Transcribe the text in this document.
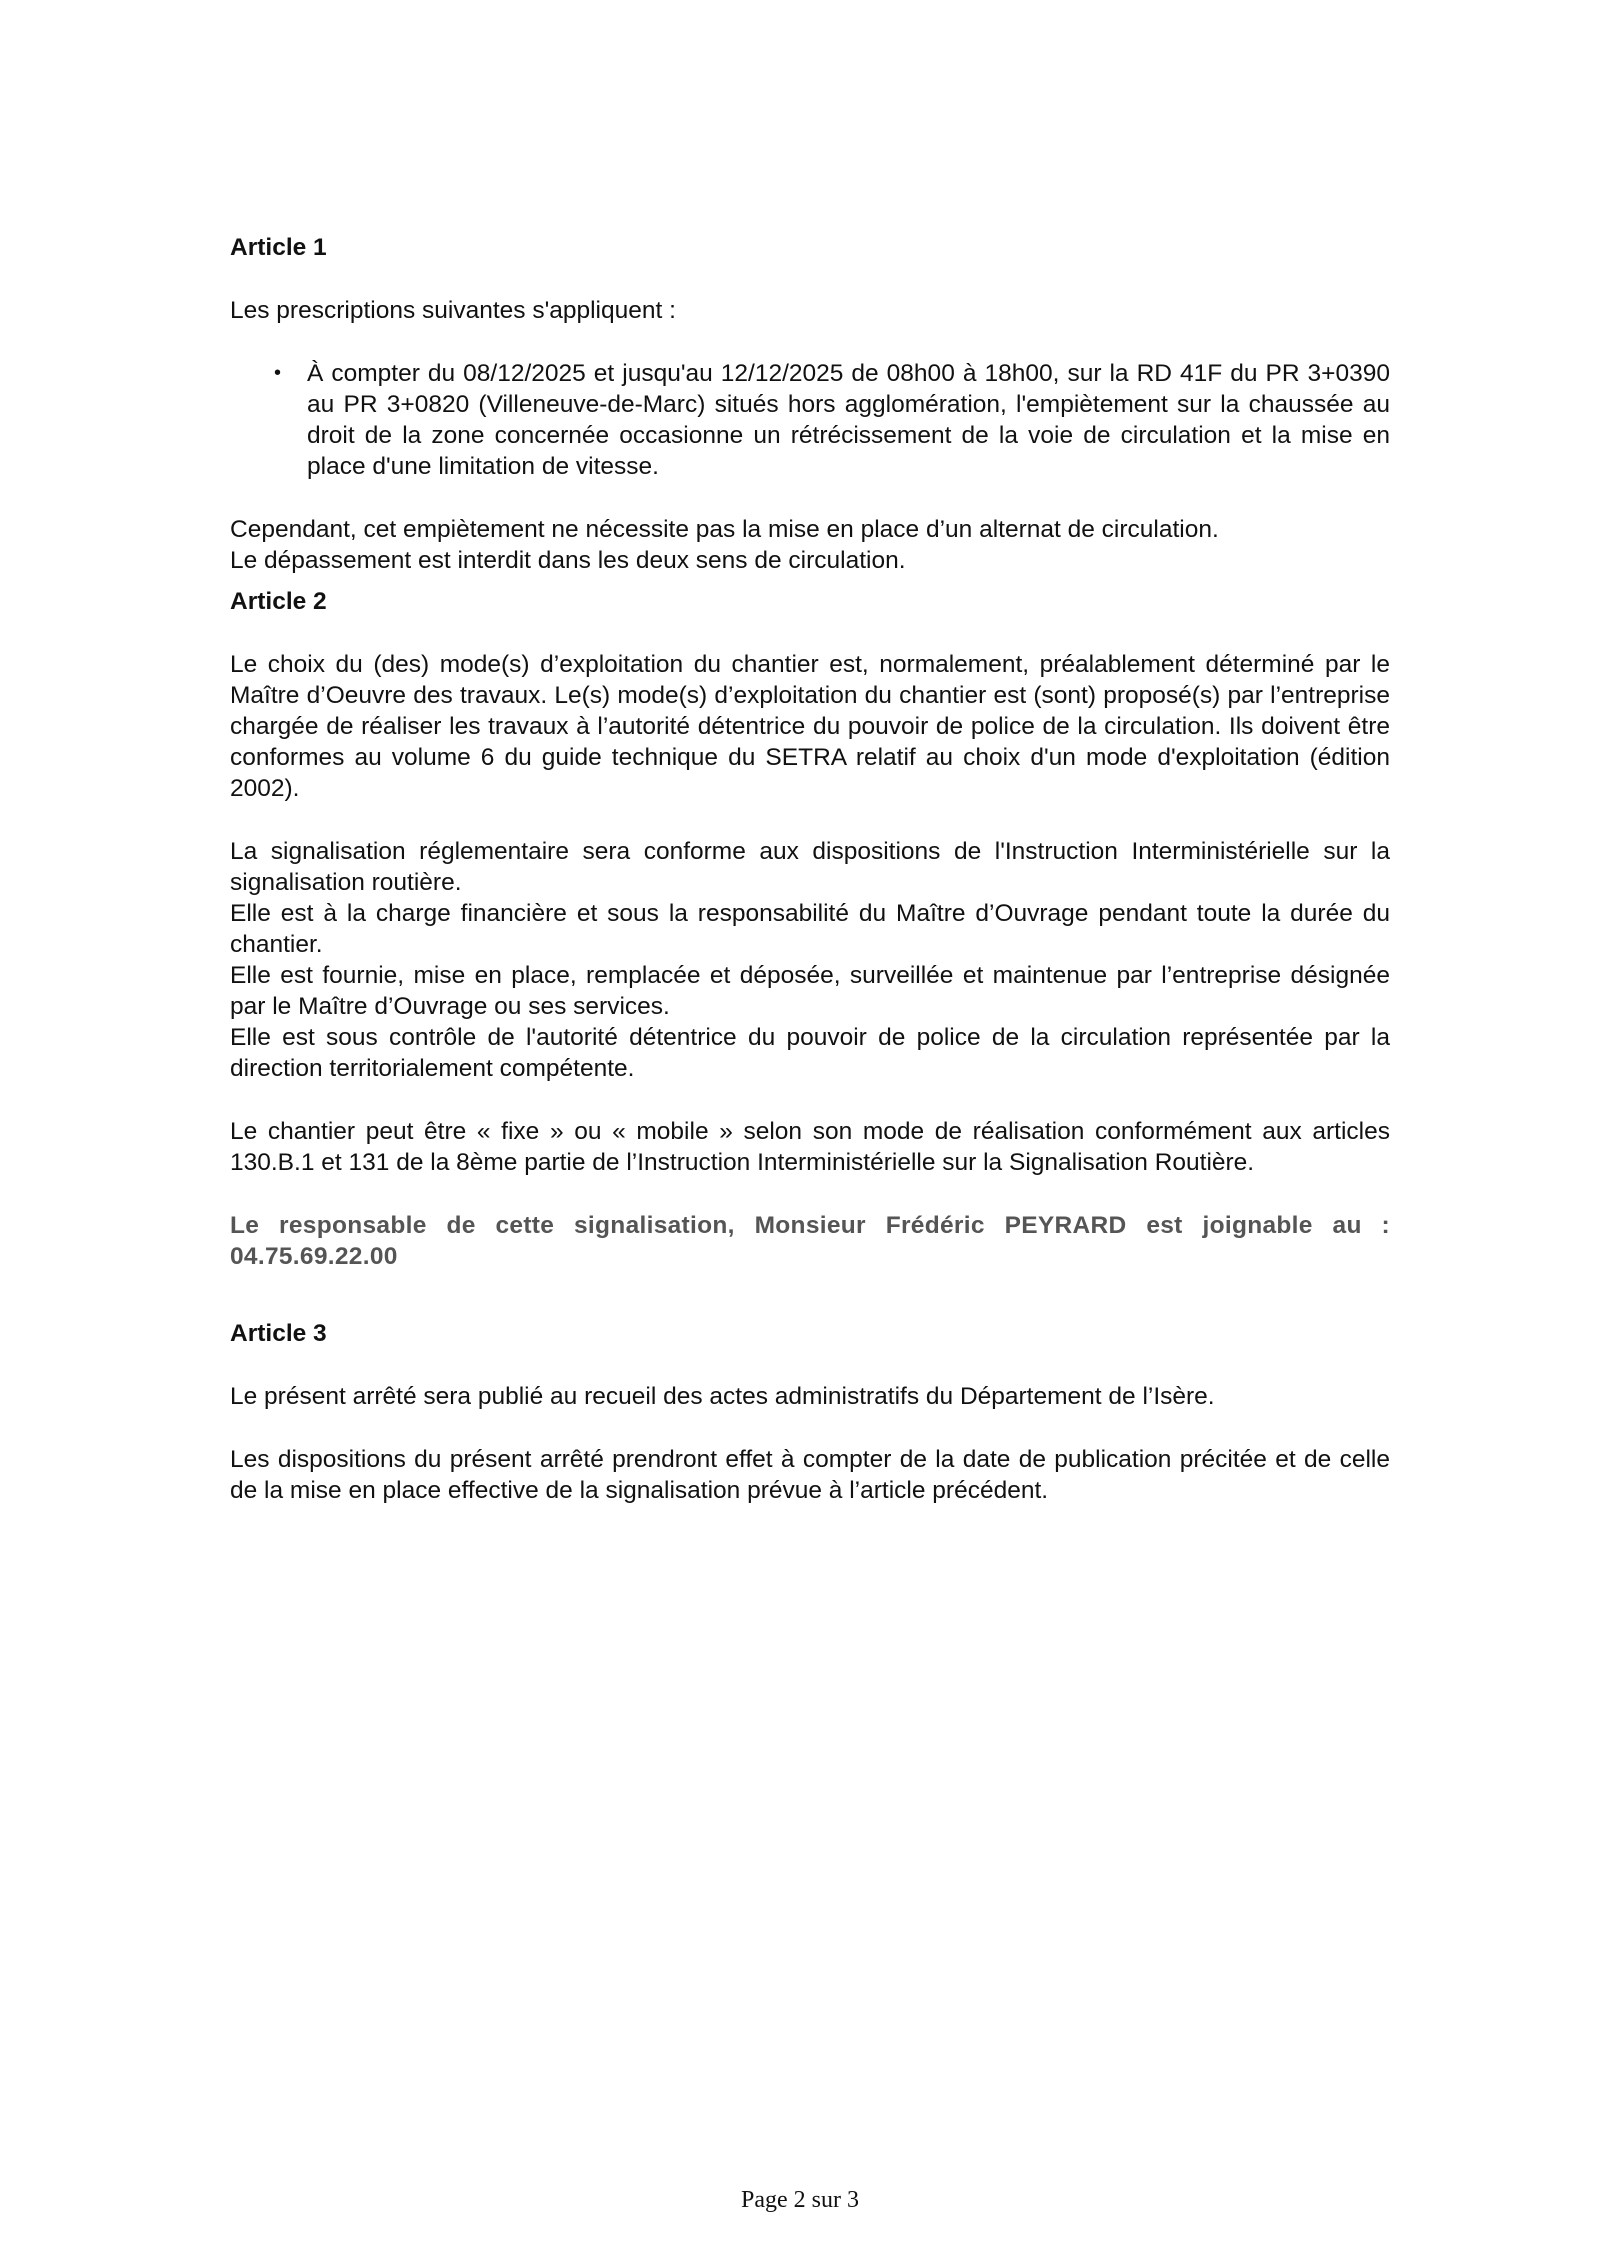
Article 1

Les prescriptions suivantes s'appliquent :

• À compter du 08/12/2025 et jusqu'au 12/12/2025 de 08h00 à 18h00, sur la RD 41F du PR 3+0390 au PR 3+0820 (Villeneuve-de-Marc) situés hors agglomération, l'empiètement sur la chaussée au droit de la zone concernée occasionne un rétrécissement de la voie de circulation et la mise en place d'une limitation de vitesse.

Cependant, cet empiètement ne nécessite pas la mise en place d’un alternat de circulation.

Le dépassement est interdit dans les deux sens de circulation.

Article 2

Le choix du (des) mode(s) d’exploitation du chantier est, normalement, préalablement déterminé par le Maître d’Oeuvre des travaux. Le(s) mode(s) d’exploitation du chantier est (sont) proposé(s) par l’entreprise chargée de réaliser les travaux à l’autorité détentrice du pouvoir de police de la circulation. Ils doivent être conformes au volume 6 du guide technique du SETRA relatif au choix d'un mode d'exploitation (édition 2002).

La signalisation réglementaire sera conforme aux dispositions de l'Instruction Interministérielle sur la signalisation routière.

Elle est à la charge financière et sous la responsabilité du Maître d’Ouvrage pendant toute la durée du chantier.

Elle est fournie, mise en place, remplacée et déposée, surveillée et maintenue par l’entreprise désignée par le Maître d’Ouvrage ou ses services.

Elle est sous contrôle de l'autorité détentrice du pouvoir de police de la circulation représentée par la direction territorialement compétente.

Le chantier peut être « fixe » ou « mobile » selon son mode de réalisation conformément aux articles 130.B.1 et 131 de la 8ème partie de l’Instruction Interministérielle sur la Signalisation Routière.

Le responsable de cette signalisation, Monsieur Frédéric PEYRARD est joignable au : 04.75.69.22.00

Article 3

Le présent arrêté sera publié au recueil des actes administratifs du Département de l’Isère.

Les dispositions du présent arrêté prendront effet à compter de la date de publication précitée et de celle de la mise en place effective de la signalisation prévue à l’article précédent.

Page 2 sur 3
